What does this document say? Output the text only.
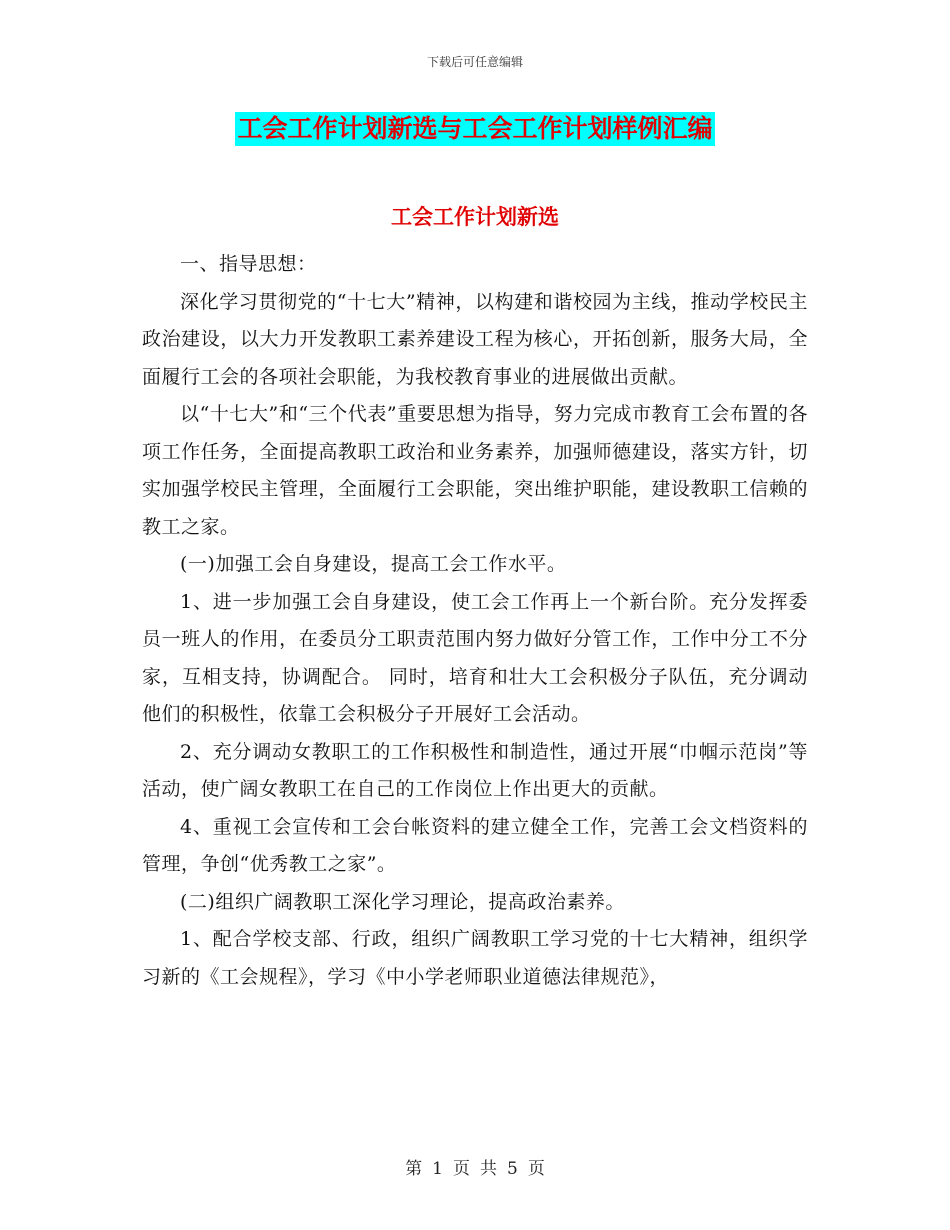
下载后可任意编辑
工会工作计划新选与工会工作计划样例汇编
工会工作计划新选

一、指导思想：

深化学习贯彻党的“十七大”精神，以构建和谐校园为主线，推动学校民主政治建设，以大力开发教职工素养建设工程为核心，开拓创新，服务大局，全面履行工会的各项社会职能，为我校教育事业的进展做出贡献。

以“十七大”和“三个代表”重要思想为指导，努力完成市教育工会布置的各项工作任务，全面提高教职工政治和业务素养，加强师德建设，落实方针，切实加强学校民主管理，全面履行工会职能，突出维护职能，建设教职工信赖的教工之家。

(一)加强工会自身建设，提高工会工作水平。

1、进一步加强工会自身建设，使工会工作再上一个新台阶。充分发挥委员一班人的作用，在委员分工职责范围内努力做好分管工作，工作中分工不分家，互相支持，协调配合。 同时，培育和壮大工会积极分子队伍，充分调动他们的积极性，依靠工会积极分子开展好工会活动。

2、充分调动女教职工的工作积极性和制造性，通过开展“巾帼示范岗”等活动，使广阔女教职工在自己的工作岗位上作出更大的贡献。

4、重视工会宣传和工会台帐资料的建立健全工作，完善工会文档资料的管理，争创“优秀教工之家”。

(二)组织广阔教职工深化学习理论，提高政治素养。

1、配合学校支部、行政，组织广阔教职工学习党的十七大精神，组织学习新的《工会规程》，学习《中小学老师职业道德法律规范》，

第 1 页 共 5 页
